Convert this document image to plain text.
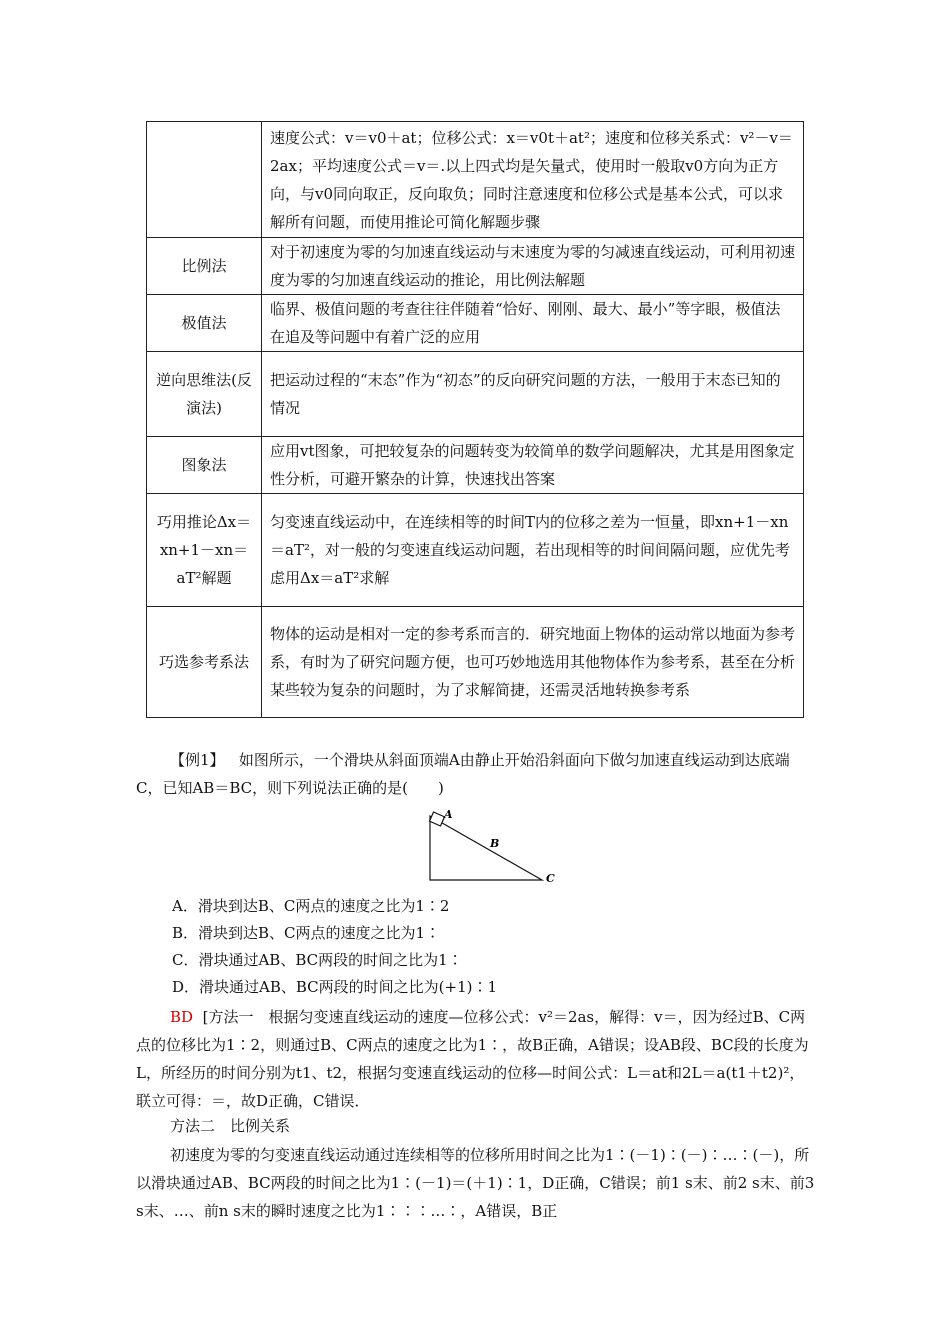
	速度公式：v＝v0＋at；位移公式：x＝v0t＋at²；速度和位移关系式：v²－v＝2ax；平均速度公式＝v＝.以上四式均是矢量式，使用时一般取v0方向为正方向，与v0同向取正，反向取负；同时注意速度和位移公式是基本公式，可以求解所有问题，而使用推论可简化解题步骤
比例法	对于初速度为零的匀加速直线运动与末速度为零的匀减速直线运动，可利用初速度为零的匀加速直线运动的推论，用比例法解题
极值法	临界、极值问题的考查往往伴随着“恰好、刚刚、最大、最小”等字眼，极值法在追及等问题中有着广泛的应用
逆向思维法(反演法)	把运动过程的“末态”作为“初态”的反向研究问题的方法，一般用于末态已知的情况
图象法	应用vt图象，可把较复杂的问题转变为较简单的数学问题解决，尤其是用图象定性分析，可避开繁杂的计算，快速找出答案
巧用推论Δx＝xn+1－xn＝aT²解题	匀变速直线运动中，在连续相等的时间T内的位移之差为一恒量，即xn+1－xn＝aT²，对一般的匀变速直线运动问题，若出现相等的时间间隔问题，应优先考虑用Δx＝aT²求解
巧选参考系法	物体的运动是相对一定的参考系而言的．研究地面上物体的运动常以地面为参考系，有时为了研究问题方便，也可巧妙地选用其他物体作为参考系，甚至在分析某些较为复杂的问题时，为了求解简捷，还需灵活地转换参考系
【例1】 如图所示，一个滑块从斜面顶端A由静止开始沿斜面向下做匀加速直线运动到达底端C，已知AB＝BC，则下列说法正确的是(　　)
A
B
C
A．滑块到达B、C两点的速度之比为1∶2
B．滑块到达B、C两点的速度之比为1∶
C．滑块通过AB、BC两段的时间之比为1∶
D．滑块通过AB、BC两段的时间之比为(+1)∶1
BD [方法一　根据匀变速直线运动的速度—位移公式：v²＝2as，解得：v＝，因为经过B、C两点的位移比为1∶2，则通过B、C两点的速度之比为1∶，故B正确，A错误；设AB段、BC段的长度为L，所经历的时间分别为t1、t2，根据匀变速直线运动的位移—时间公式：L＝at和2L＝a(t1＋t2)²，联立可得：＝，故D正确，C错误．
方法二　比例关系
初速度为零的匀变速直线运动通过连续相等的位移所用时间之比为1∶(－1)∶(－)∶…∶(－)，所以滑块通过AB、BC两段的时间之比为1∶(－1)＝(＋1)∶1，D正确，C错误；前1 s末、前2 s末、前3 s末、…、前n s末的瞬时速度之比为1∶∶∶…∶，A错误，B正
